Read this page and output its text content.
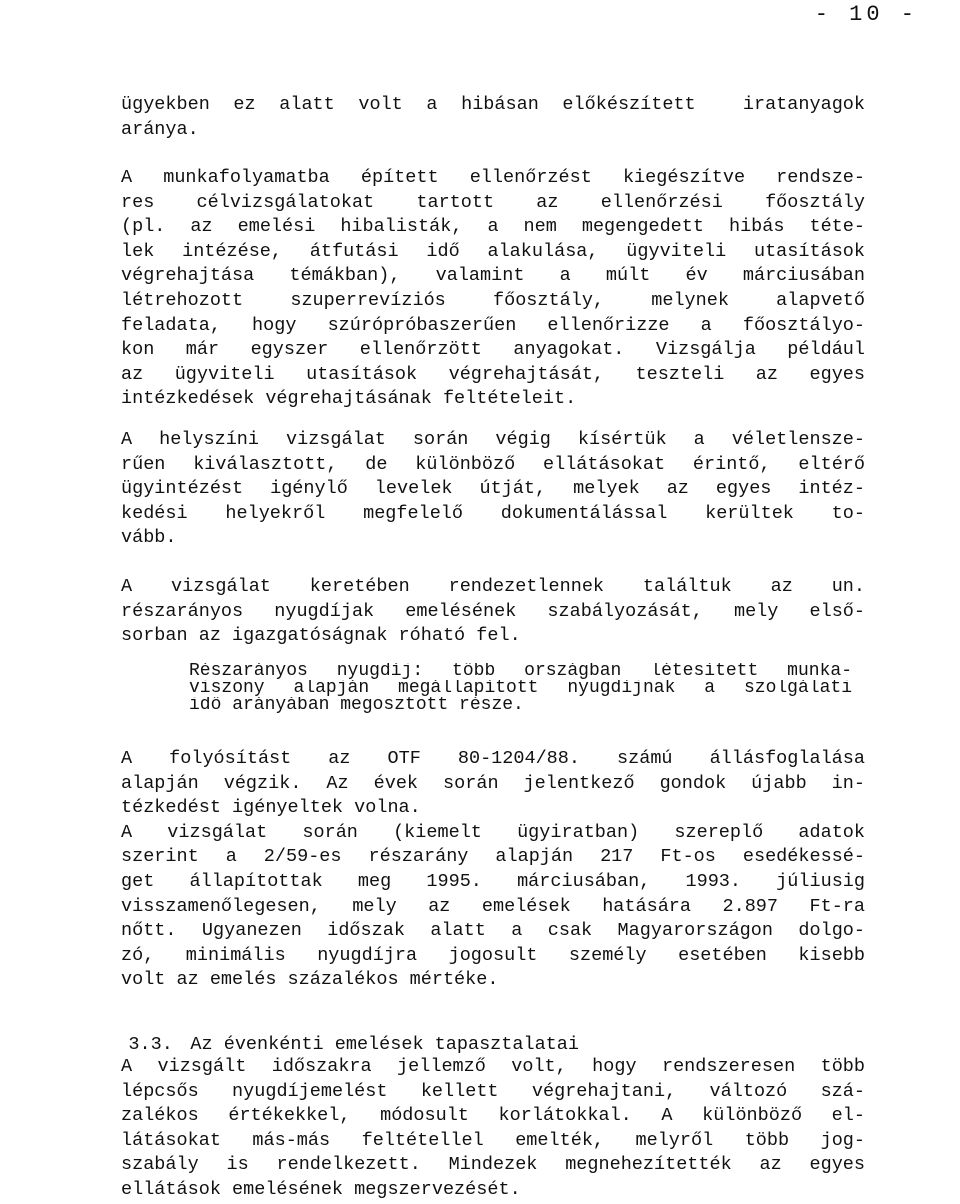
- 10 -
ügyekben ez alatt volt a hibásan előkészített  iratanyagok
aránya.
A munkafolyamatba épített ellenőrzést kiegészítve rendsze-
res célvizsgálatokat tartott az ellenőrzési főosztály
(pl. az emelési hibalisták, a nem megengedett hibás téte-
lek intézése, átfutási idő alakulása, ügyviteli utasítások
végrehajtása témákban), valamint a múlt év márciusában
létrehozott szuperrevíziós főosztály, melynek alapvető
feladata, hogy szúrópróbaszerűen ellenőrizze a főosztályo-
kon már egyszer ellenőrzött anyagokat. Vizsgálja például
az ügyviteli utasítások végrehajtását, teszteli az egyes
intézkedések végrehajtásának feltételeit.
A helyszíni vizsgálat során végig kísértük a véletlensze-
rűen kiválasztott, de különböző ellátásokat érintő, eltérő
ügyintézést igénylő levelek útját, melyek az egyes intéz-
kedési helyekről megfelelő dokumentálással kerültek to-
vább.
A vizsgálat keretében rendezetlennek találtuk az un.
részarányos nyugdíjak emelésének szabályozását, mely első-
sorban az igazgatóságnak róható fel.
Részarányos nyugdíj: több országban létesített munka-
viszony alapján megállapított nyugdíjnak a szolgálati
idő arányában megosztott része.
A folyósítást az OTF 80-1204/88. számú állásfoglalása
alapján végzik. Az évek során jelentkező gondok újabb in-
tézkedést igényeltek volna.
A vizsgálat során (kiemelt ügyiratban) szereplő adatok
szerint a 2/59-es részarány alapján 217 Ft-os esedékessé-
get állapítottak meg 1995. márciusában, 1993. júliusig
visszamenőlegesen, mely az emelések hatására 2.897 Ft-ra
nőtt. Ugyanezen időszak alatt a csak Magyarországon dolgo-
zó, minimális nyugdíjra jogosult személy esetében kisebb
volt az emelés százalékos mértéke.

3.3. Az évenkénti emelések tapasztalatai

A vizsgált időszakra jellemző volt, hogy rendszeresen több
lépcsős nyugdíjemelést kellett végrehajtani, változó szá-
zalékos értékekkel, módosult korlátokkal. A különböző el-
látásokat más-más feltétellel emelték, melyről több jog-
szabály is rendelkezett. Mindezek megnehezítették az egyes
ellátások emelésének megszervezését.
